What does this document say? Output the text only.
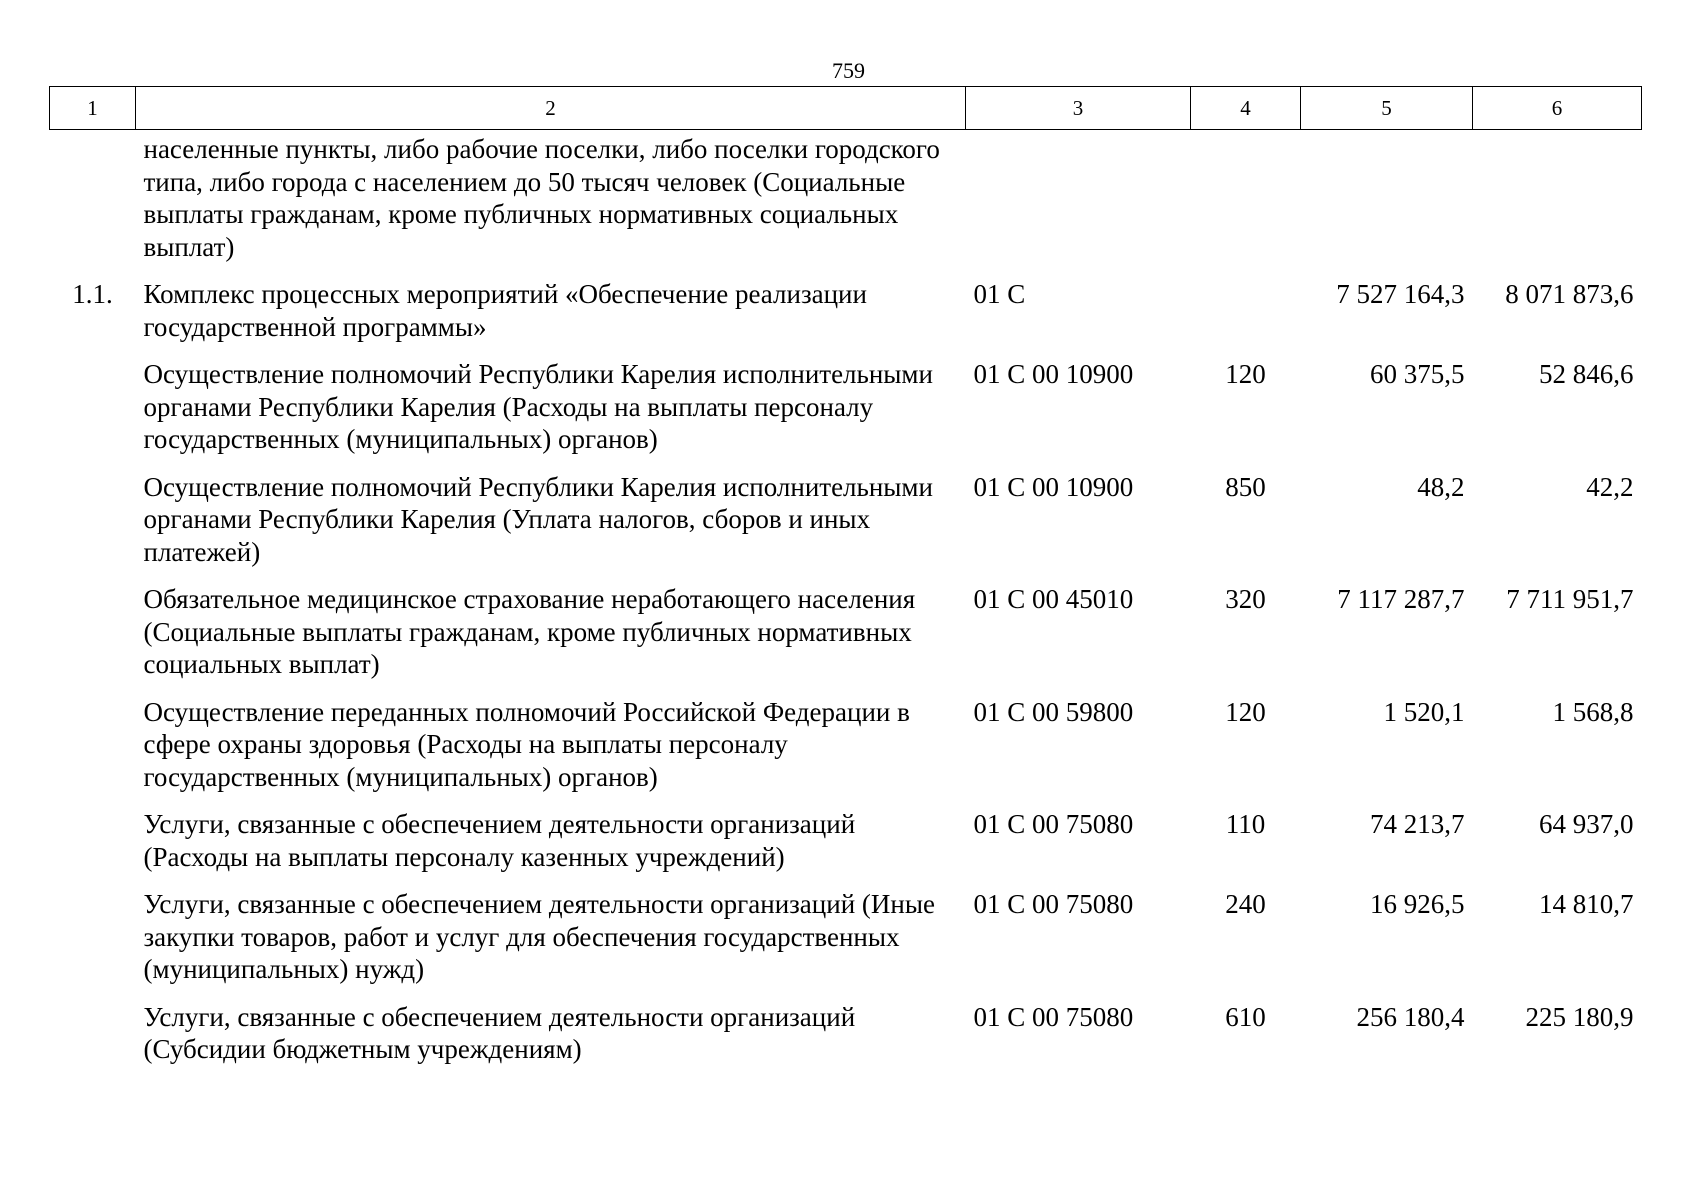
759
1	2	3	4	5	6
	населенные пункты, либо рабочие поселки, либо поселки городского типа, либо города с населением до 50 тысяч человек (Социальные выплаты гражданам, кроме публичных нормативных социальных выплат)				
1.1.	Комплекс процессных мероприятий «Обеспечение реализации государственной программы»	01 С		7 527 164,3	8 071 873,6
	Осуществление полномочий Республики Карелия исполнительными органами Республики Карелия (Расходы на выплаты персоналу государственных (муниципальных) органов)	01 С 00 10900	120	60 375,5	52 846,6
	Осуществление полномочий Республики Карелия исполнительными органами Республики Карелия (Уплата налогов, сборов и иных платежей)	01 С 00 10900	850	48,2	42,2
	Обязательное медицинское страхование неработающего населения (Социальные выплаты гражданам, кроме публичных нормативных социальных выплат)	01 С 00 45010	320	7 117 287,7	7 711 951,7
	Осуществление переданных полномочий Российской Федерации в сфере охраны здоровья (Расходы на выплаты персоналу государственных (муниципальных) органов)	01 С 00 59800	120	1 520,1	1 568,8
	Услуги, связанные с обеспечением деятельности организаций (Расходы на выплаты персоналу казенных учреждений)	01 С 00 75080	110	74 213,7	64 937,0
	Услуги, связанные с обеспечением деятельности организаций (Иные закупки товаров, работ и услуг для обеспечения государственных (муниципальных) нужд)	01 С 00 75080	240	16 926,5	14 810,7
	Услуги, связанные с обеспечением деятельности организаций (Субсидии бюджетным учреждениям)	01 С 00 75080	610	256 180,4	225 180,9
